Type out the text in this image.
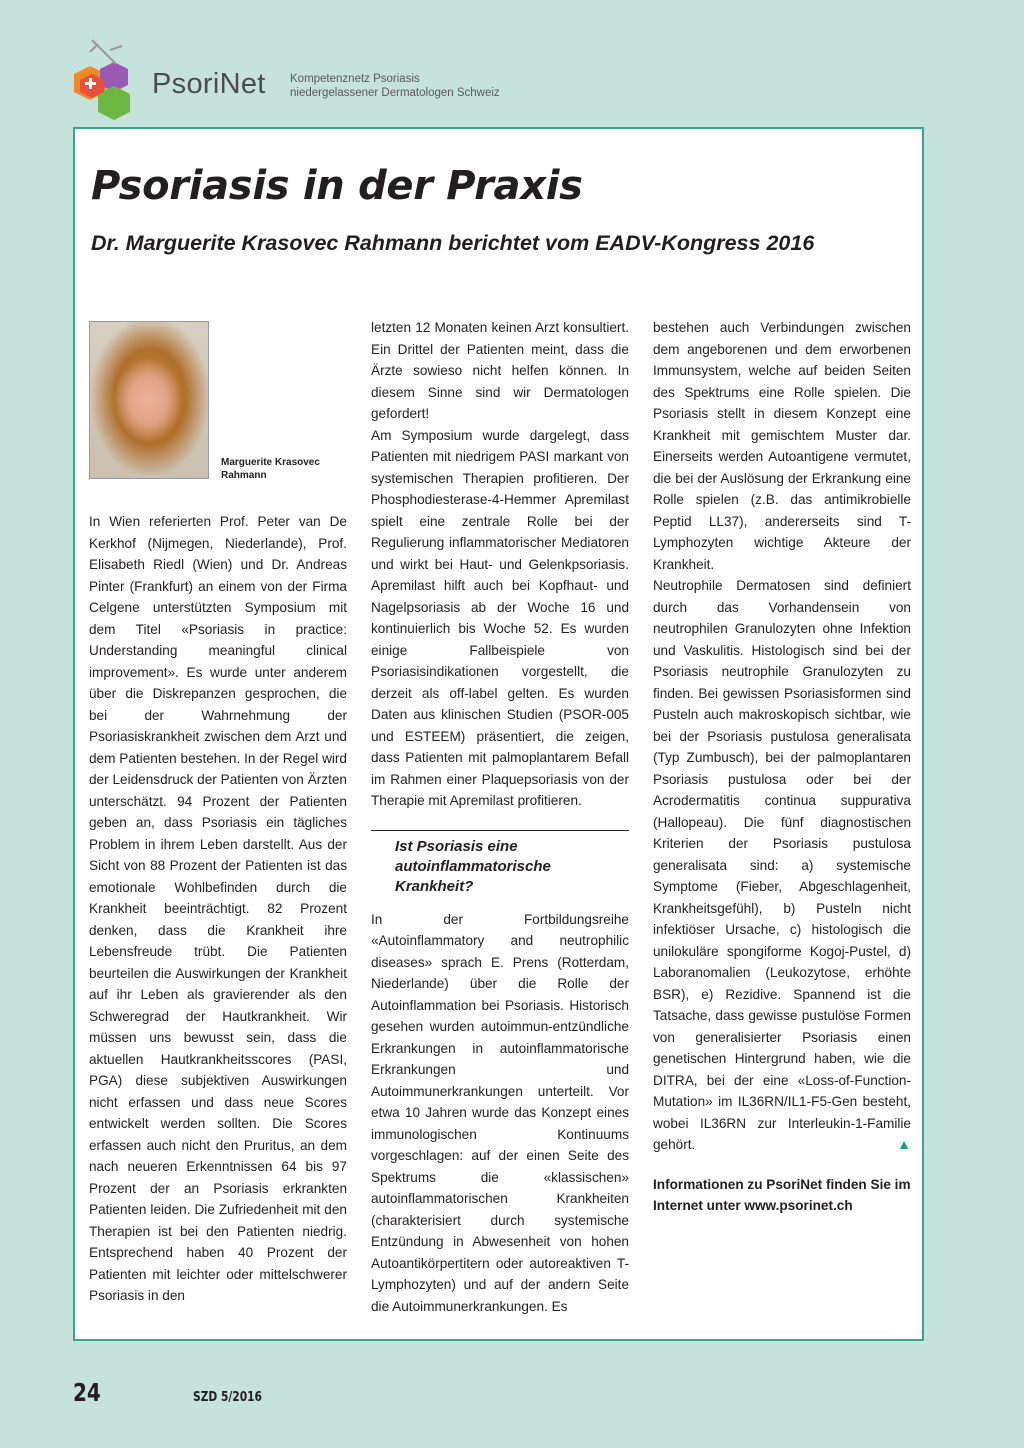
PsoriNet Kompetenznetz Psoriasis
niedergelassener Dermatologen Schweiz
Psoriasis in der Praxis
Dr. Marguerite Krasovec Rahmann berichtet vom EADV-Kongress 2016
Marguerite Krasovec
Rahmann

In Wien referierten Prof. Peter van De Kerkhof (Nijmegen, Niederlande), Prof. Elisabeth Riedl (Wien) und Dr. Andreas Pinter (Frankfurt) an einem von der Firma Celgene unterstützten Symposium mit dem Titel «Psoriasis in practice: Understanding meaningful clinical improvement». Es wurde unter anderem über die Diskrepanzen gesprochen, die bei der Wahrnehmung der Psoriasiskrankheit zwischen dem Arzt und dem Patienten bestehen. In der Regel wird der Leidensdruck der Patienten von Ärzten unterschätzt. 94 Prozent der Patienten geben an, dass Psoriasis ein tägliches Problem in ihrem Leben darstellt. Aus der Sicht von 88 Prozent der Patienten ist das emotionale Wohlbefinden durch die Krankheit beeinträchtigt. 82 Prozent denken, dass die Krankheit ihre Lebensfreude trübt. Die Patienten beurteilen die Auswirkungen der Krankheit auf ihr Leben als gravierender als den Schweregrad der Hautkrankheit. Wir müssen uns bewusst sein, dass die aktuellen Hautkrankheitsscores (PASI, PGA) diese subjektiven Auswirkungen nicht erfassen und dass neue Scores entwickelt werden sollten. Die Scores erfassen auch nicht den Pruritus, an dem nach neueren Erkenntnissen 64 bis 97 Prozent der an Psoriasis erkrankten Patienten leiden. Die Zufriedenheit mit den Therapien ist bei den Patienten niedrig. Entsprechend haben 40 Prozent der Patienten mit leichter oder mittelschwerer Psoriasis in den

letzten 12 Monaten keinen Arzt konsultiert. Ein Drittel der Patienten meint, dass die Ärzte sowieso nicht helfen können. In diesem Sinne sind wir Dermatologen gefordert!

Am Symposium wurde dargelegt, dass Patienten mit niedrigem PASI markant von systemischen Therapien profitieren. Der Phosphodiesterase-4-Hemmer Apremilast spielt eine zentrale Rolle bei der Regulierung inflammatorischer Mediatoren und wirkt bei Haut- und Gelenkpsoriasis. Apremilast hilft auch bei Kopfhaut- und Nagelpsoriasis ab der Woche 16 und kontinuierlich bis Woche 52. Es wurden einige Fallbeispiele von Psoriasisindikationen vorgestellt, die derzeit als off-label gelten. Es wurden Daten aus klinischen Studien (PSOR-005 und ESTEEM) präsentiert, die zeigen, dass Patienten mit palmoplantarem Befall im Rahmen einer Plaquepsoriasis von der Therapie mit Apremilast profitieren.

Ist Psoriasis eine autoinflammatorische Krankheit?

In der Fortbildungsreihe «Autoinflammatory and neutrophilic diseases» sprach E. Prens (Rotterdam, Niederlande) über die Rolle der Autoinflammation bei Psoriasis. Historisch gesehen wurden autoimmun-entzündliche Erkrankungen in autoinflammatorische Erkrankungen und Autoimmunerkrankungen unterteilt. Vor etwa 10 Jahren wurde das Konzept eines immunologischen Kontinuums vorgeschlagen: auf der einen Seite des Spektrums die «klassischen» autoinflammatorischen Krankheiten (charakterisiert durch systemische Entzündung in Abwesenheit von hohen Autoantikörpertitern oder autoreaktiven T-Lymphozyten) und auf der andern Seite die Autoimmunerkrankungen. Es

bestehen auch Verbindungen zwischen dem angeborenen und dem erworbenen Immunsystem, welche auf beiden Seiten des Spektrums eine Rolle spielen. Die Psoriasis stellt in diesem Konzept eine Krankheit mit gemischtem Muster dar. Einerseits werden Autoantigene vermutet, die bei der Auslösung der Erkrankung eine Rolle spielen (z.B. das antimikrobielle Peptid LL37), andererseits sind T-Lymphozyten wichtige Akteure der Krankheit.

Neutrophile Dermatosen sind definiert durch das Vorhandensein von neutrophilen Granulozyten ohne Infektion und Vaskulitis. Histologisch sind bei der Psoriasis neutrophile Granulozyten zu finden. Bei gewissen Psoriasisformen sind Pusteln auch makroskopisch sichtbar, wie bei der Psoriasis pustulosa generalisata (Typ Zumbusch), bei der palmoplantaren Psoriasis pustulosa oder bei der Acrodermatitis continua suppurativa (Hallopeau). Die fünf diagnostischen Kriterien der Psoriasis pustulosa generalisata sind: a) systemische Symptome (Fieber, Abgeschlagenheit, Krankheitsgefühl), b) Pusteln nicht infektiöser Ursache, c) histologisch die unilokuläre spongiforme Kogoj-Pustel, d) Laboranomalien (Leukozytose, erhöhte BSR), e) Rezidive. Spannend ist die Tatsache, dass gewisse pustulöse Formen von generalisierter Psoriasis einen genetischen Hintergrund haben, wie die DITRA, bei der eine «Loss-of-Function-Mutation» im IL36RN/IL1-F5-Gen besteht, wobei IL36RN zur Interleukin-1-Familie gehört.	▲

Informationen zu PsoriNet finden Sie im Internet unter www.psorinet.ch

24	SZD 5/2016
